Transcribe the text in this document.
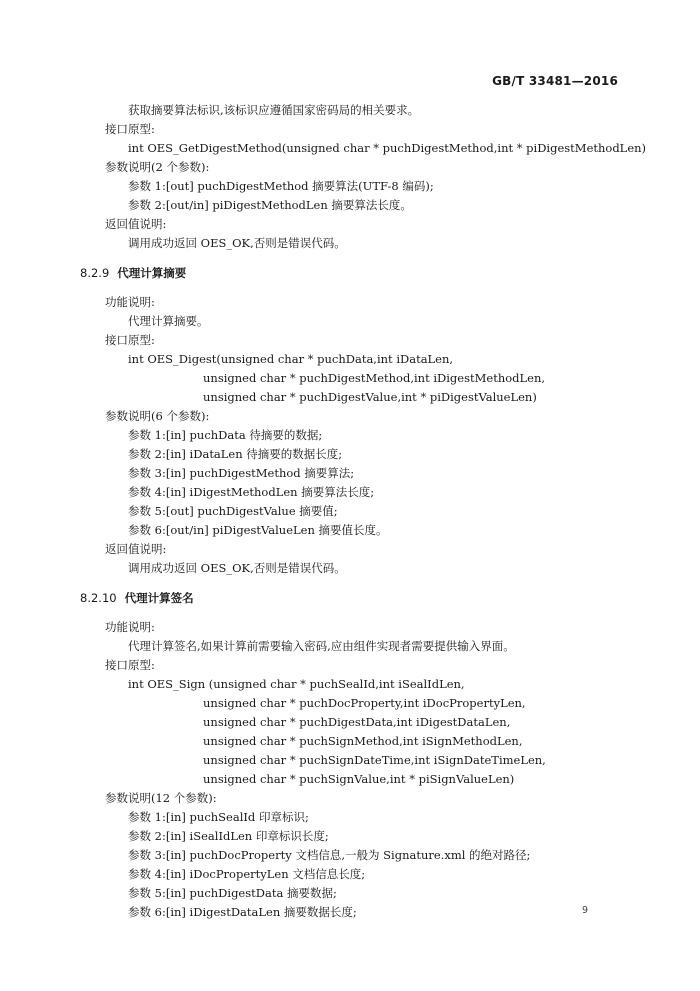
GB/T 33481—2016
获取摘要算法标识,该标识应遵循国家密码局的相关要求。
接口原型:
int OES_GetDigestMethod(unsigned char * puchDigestMethod,int * piDigestMethodLen)
参数说明(2 个参数):
参数 1:[out] puchDigestMethod 摘要算法(UTF-8 编码);
参数 2:[out/in] piDigestMethodLen 摘要算法长度。
返回值说明:
调用成功返回 OES_OK,否则是错误代码。
8.2.9 代理计算摘要
功能说明:
代理计算摘要。
接口原型:
int OES_Digest(unsigned char * puchData,int iDataLen,
unsigned char * puchDigestMethod,int iDigestMethodLen,
unsigned char * puchDigestValue,int * piDigestValueLen)
参数说明(6 个参数):
参数 1:[in] puchData 待摘要的数据;
参数 2:[in] iDataLen 待摘要的数据长度;
参数 3:[in] puchDigestMethod 摘要算法;
参数 4:[in] iDigestMethodLen 摘要算法长度;
参数 5:[out] puchDigestValue 摘要值;
参数 6:[out/in] piDigestValueLen 摘要值长度。
返回值说明:
调用成功返回 OES_OK,否则是错误代码。
8.2.10 代理计算签名
功能说明:
代理计算签名,如果计算前需要输入密码,应由组件实现者需要提供输入界面。
接口原型:
int OES_Sign (unsigned char * puchSealId,int iSealIdLen,
unsigned char * puchDocProperty,int iDocPropertyLen,
unsigned char * puchDigestData,int iDigestDataLen,
unsigned char * puchSignMethod,int iSignMethodLen,
unsigned char * puchSignDateTime,int iSignDateTimeLen,
unsigned char * puchSignValue,int * piSignValueLen)
参数说明(12 个参数):
参数 1:[in] puchSealId 印章标识;
参数 2:[in] iSealIdLen 印章标识长度;
参数 3:[in] puchDocProperty 文档信息,一般为 Signature.xml 的绝对路径;
参数 4:[in] iDocPropertyLen 文档信息长度;
参数 5:[in] puchDigestData 摘要数据;
参数 6:[in] iDigestDataLen 摘要数据长度;	9
